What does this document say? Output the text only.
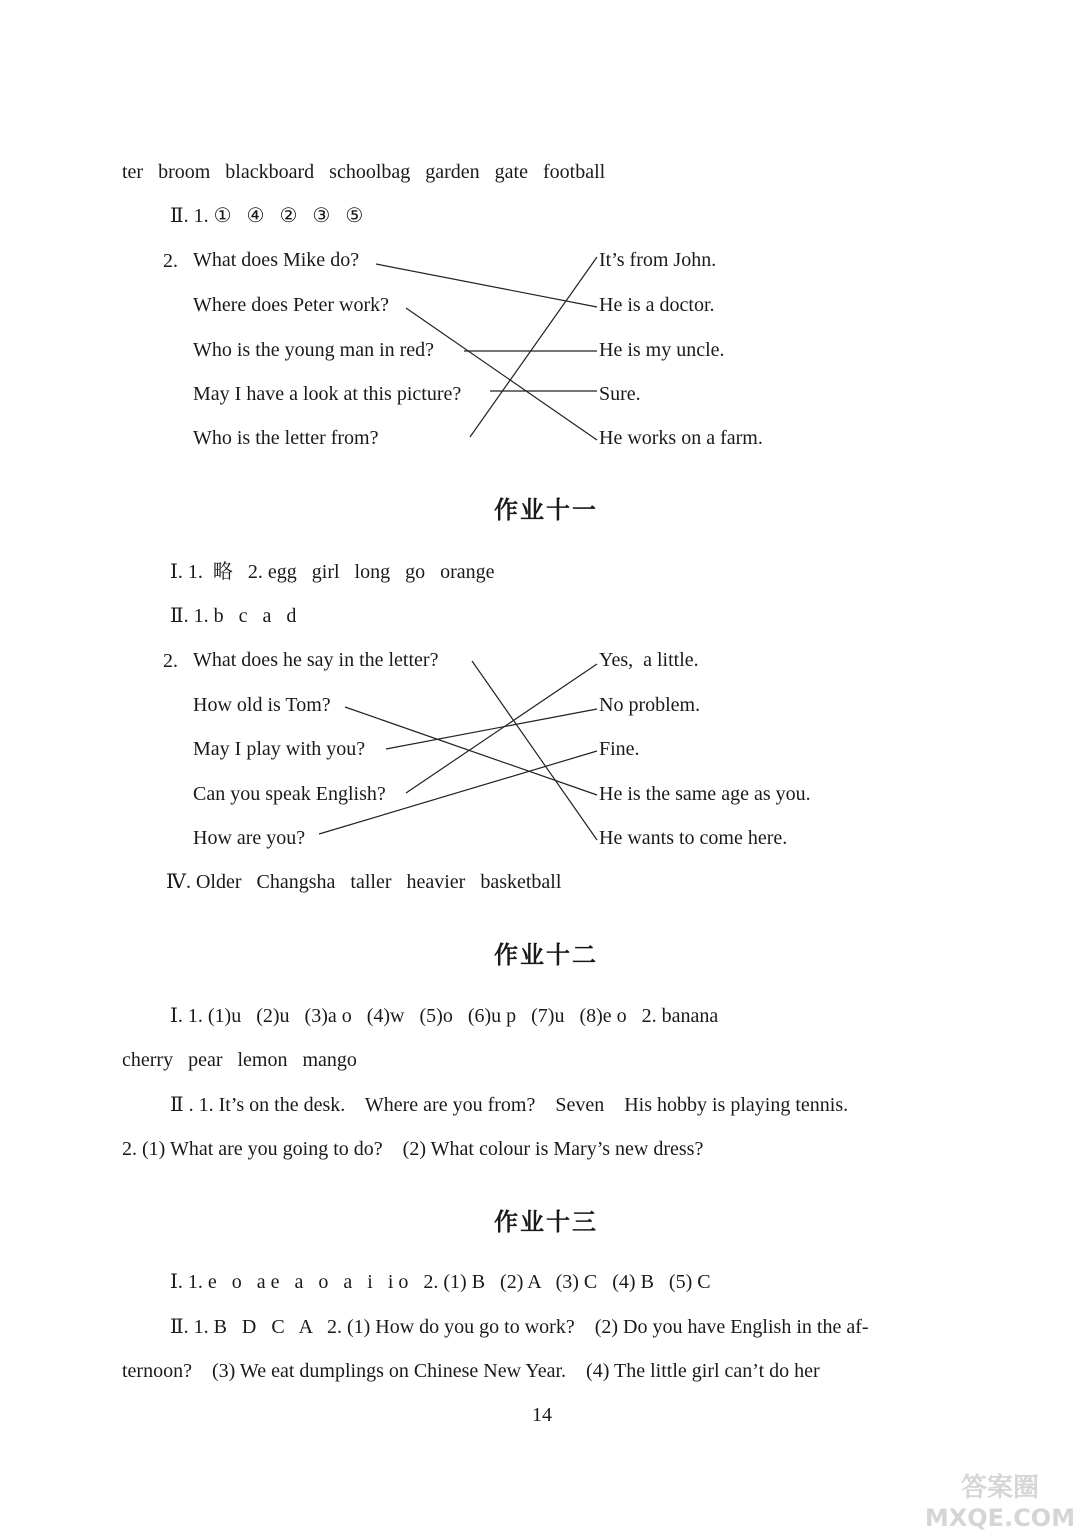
ter   broom   blackboard   schoolbag   garden   gate   football
Ⅱ. 1. ①   ④   ②   ③   ⑤
2. What does Mike do?
Where does Peter work?
Who is the young man in red?
May I have a look at this picture?
Who is the letter from?
It’s from John.
He is a doctor.
He is my uncle.
Sure.
He works on a farm.
作业十一
Ⅰ. 1.  略   2. egg   girl   long   go   orange
Ⅱ. 1. b   c   a   d
2. What does he say in the letter?
How old is Tom?
May I play with you?
Can you speak English?
How are you?
Yes,  a little.
No problem.
Fine.
He is the same age as you.
He wants to come here.
Ⅳ. Older   Changsha   taller   heavier   basketball
作业十二
Ⅰ. 1. (1)u   (2)u   (3)a o   (4)w   (5)o   (6)u p   (7)u   (8)e o   2. banana
cherry   pear   lemon   mango
Ⅱ . 1. It’s on the desk.    Where are you from?    Seven    His hobby is playing tennis.
2. (1) What are you going to do?    (2) What colour is Mary’s new dress?
作业十三
Ⅰ. 1. e   o   a e   a   o   a   i   i o   2. (1) B   (2) A   (3) C   (4) B   (5) C
Ⅱ. 1. B   D   C   A   2. (1) How do you go to work?    (2) Do you have English in the af-
ternoon?    (3) We eat dumplings on Chinese New Year.    (4) The little girl can’t do her
14
答案圈
MXQE.COM
